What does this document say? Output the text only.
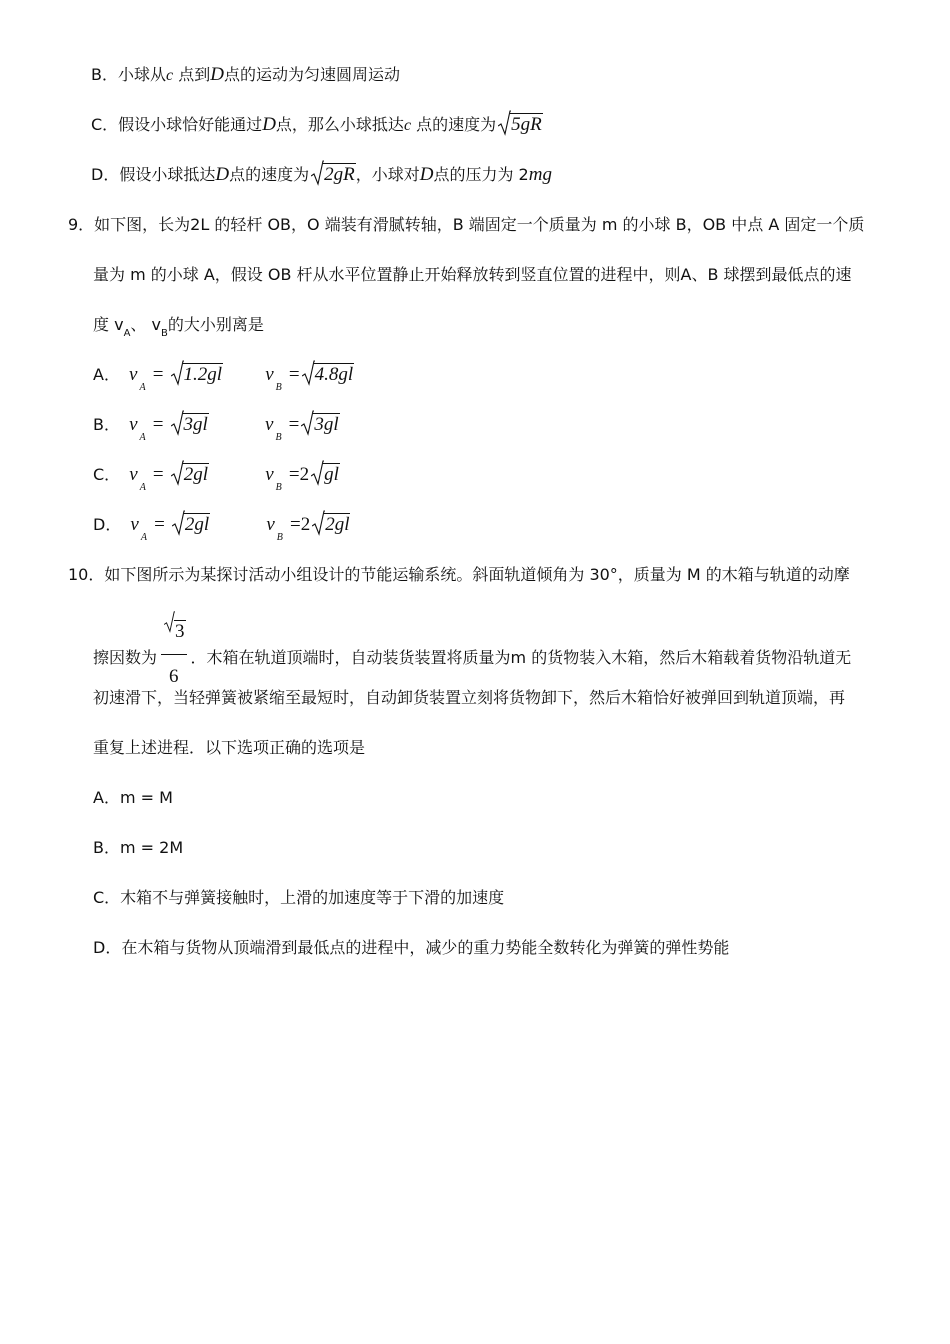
B．小球从c 点到D点的运动为匀速圆周运动
C．假设小球恰好能通过D点，那么小球抵达c 点的速度为 5gR
D．假设小球抵达D点的速度为 2gR，小球对D点的压力为 2mg
9．如下图，长为2L 的轻杆 OB，O 端装有滑腻转轴，B 端固定一个质量为 m 的小球 B，OB 中点 A 固定一个质
量为 m 的小球 A，假设 OB 杆从水平位置静止开始释放转到竖直位置的进程中，则A、B 球摆到最低点的速
度 $v_A$、 $v_B$的大小别离是
A． $v_A = 1.2gl$ $v_B = 4.8gl$
B． $v_A = 3gl$	$v_B = 3gl$
C． $v_A = 2gl$	$v_B =2$ gl
D． $v_A = 2gl$	$v_B =2$ 2gl
10．如下图所示为某探讨活动小组设计的节能运输系统。斜面轨道倾角为 30°，质量为 M 的木箱与轨道的动摩
擦因数为 $\frac{3}{6}$ ．木箱在轨道顶端时，自动装货装置将质量为m 的货物装入木箱，然后木箱载着货物沿轨道无
初速滑下，当轻弹簧被紧缩至最短时，自动卸货装置立刻将货物卸下，然后木箱恰好被弹回到轨道顶端，再
重复上述进程．以下选项正确的选项是
A．m = M
B．m = 2M
C．木箱不与弹簧接触时，上滑的加速度等于下滑的加速度
D．在木箱与货物从顶端滑到最低点的进程中，减少的重力势能全数转化为弹簧的弹性势能
